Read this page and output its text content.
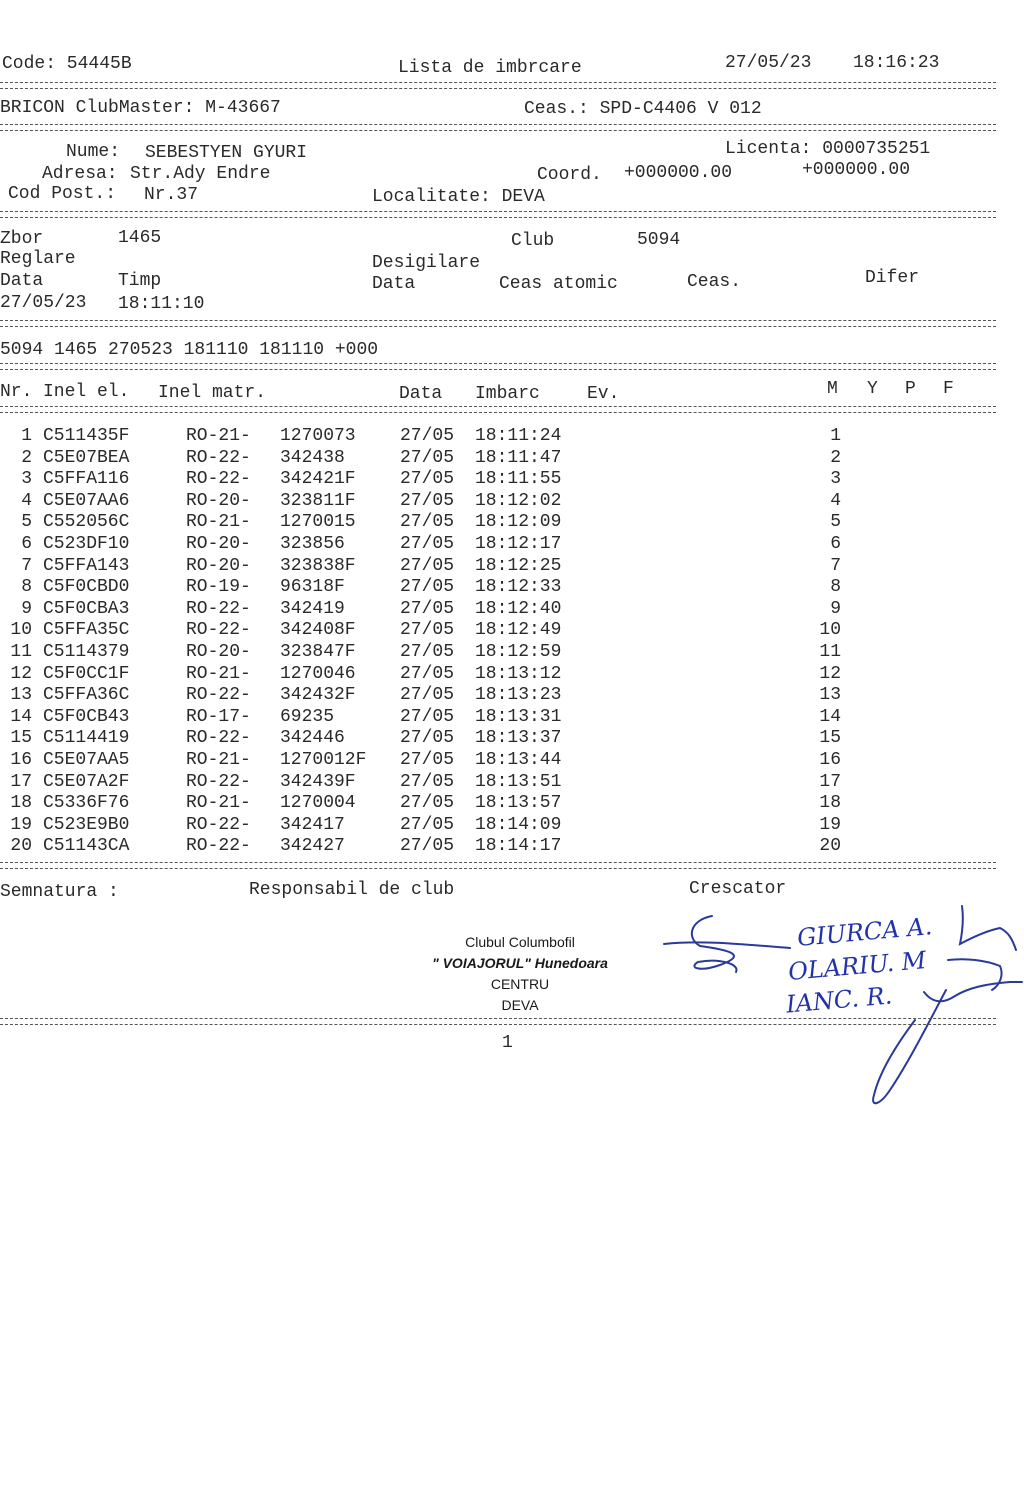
Code: 54445B	Lista de imbrcare	27/05/23 18:16:23
BRICON ClubMaster: M-43667	Ceas.: SPD-C4406 V 012
Nume: SEBESTYEN GYURI	Licenta: 0000735251
Adresa: Str.Ady Endre	Coord. +000000.00	+000000.00
Cod Post.: Nr.37	Localitate: DEVA
Zbor	1465	Club	5094
Reglare	Desigilare
Data	Timp	Data	Ceas atomic	Ceas.	Difer
27/05/23 18:11:10
5094 1465 270523 181110 181110 +000
Nr. Inel el. Inel matr.	Data Imbarc	Ev.	M Y P F
1 C511435F	RO-21- 1270073	27/05 18:11:24	1
2 C5E07BEA	RO-22- 342438	27/05 18:11:47	2
3 C5FFA116	RO-22- 342421F	27/05 18:11:55	3
4 C5E07AA6	RO-20- 323811F	27/05 18:12:02	4
5 C552056C	RO-21- 1270015	27/05 18:12:09	5
6 C523DF10	RO-20- 323856	27/05 18:12:17	6
7 C5FFA143	RO-20- 323838F	27/05 18:12:25	7
8 C5F0CBD0	RO-19- 96318F	27/05 18:12:33	8
9 C5F0CBA3	RO-22- 342419	27/05 18:12:40	9
10 C5FFA35C	RO-22- 342408F	27/05 18:12:49	10
11 C5114379	RO-20- 323847F	27/05 18:12:59	11
12 C5F0CC1F	RO-21- 1270046	27/05 18:13:12	12
13 C5FFA36C	RO-22- 342432F	27/05 18:13:23	13
14 C5F0CB43	RO-17- 69235	27/05 18:13:31	14
15 C5114419	RO-22- 342446	27/05 18:13:37	15
16 C5E07AA5	RO-21- 1270012F	27/05 18:13:44	16
17 C5E07A2F	RO-22- 342439F	27/05 18:13:51	17
18 C5336F76	RO-21- 1270004	27/05 18:13:57	18
19 C523E9B0	RO-22- 342417	27/05 18:14:09	19
20 C51143CA	RO-22- 342427	27/05 18:14:17	20
Semnatura :	Responsabil de club	Crescator
Clubul Columbofil
" VOIAJORUL" Hunedoara
CENTRU
DEVA
GIURCA A.
OLARIU. M
IANC. R.
1
